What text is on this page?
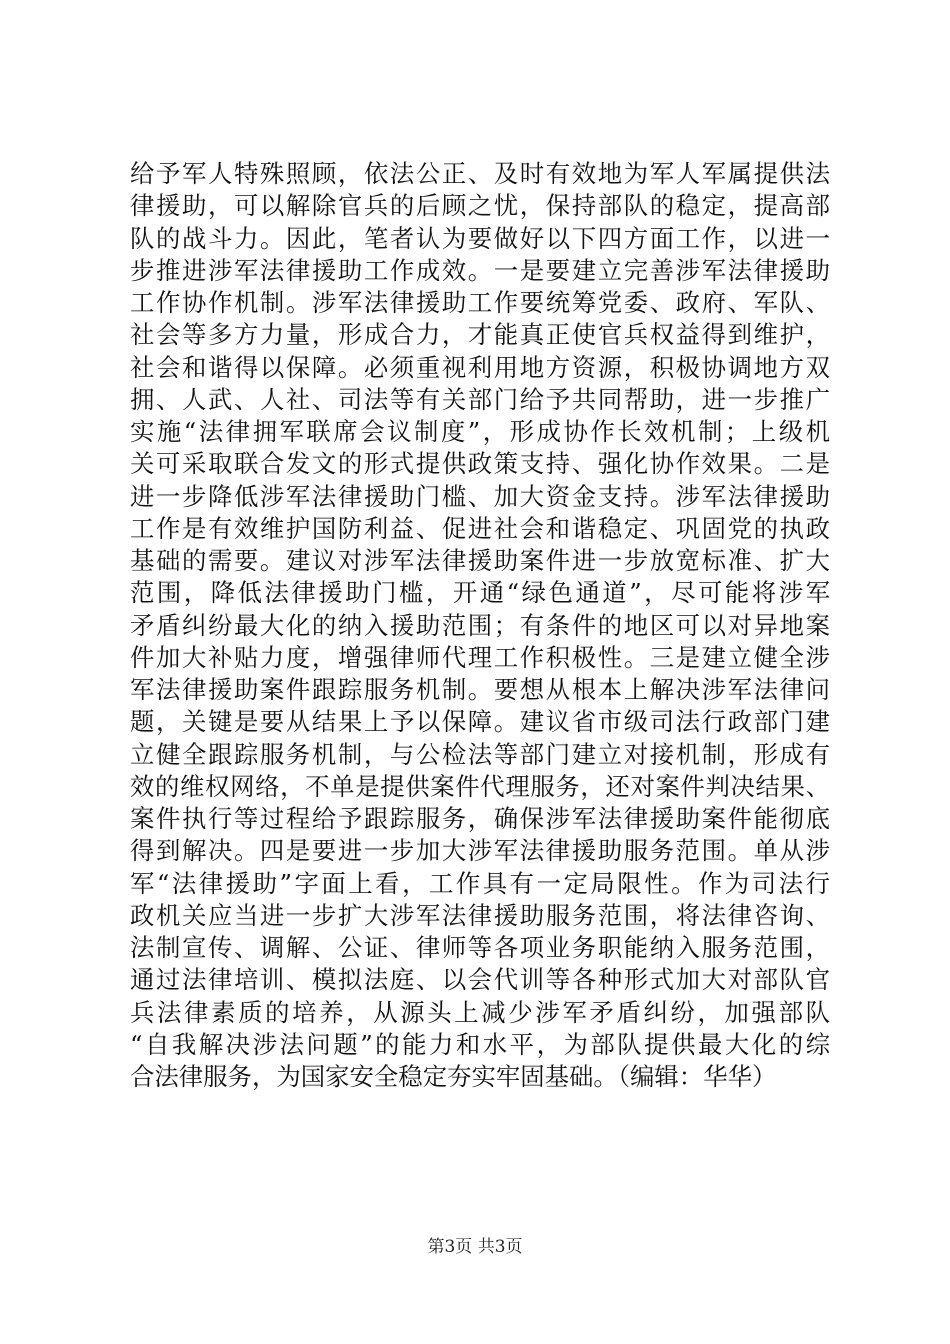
给予军人特殊照顾，依法公正、及时有效地为军人军属提供法
律援助，可以解除官兵的后顾之忧，保持部队的稳定，提高部
队的战斗力。因此，笔者认为要做好以下四方面工作，以进一
步推进涉军法律援助工作成效。一是要建立完善涉军法律援助
工作协作机制。涉军法律援助工作要统筹党委、政府、军队、
社会等多方力量，形成合力，才能真正使官兵权益得到维护，
社会和谐得以保障。必须重视利用地方资源，积极协调地方双
拥、人武、人社、司法等有关部门给予共同帮助，进一步推广
实施“法律拥军联席会议制度”，形成协作长效机制；上级机
关可采取联合发文的形式提供政策支持、强化协作效果。二是
进一步降低涉军法律援助门槛、加大资金支持。涉军法律援助
工作是有效维护国防利益、促进社会和谐稳定、巩固党的执政
基础的需要。建议对涉军法律援助案件进一步放宽标准、扩大
范围，降低法律援助门槛，开通“绿色通道”，尽可能将涉军
矛盾纠纷最大化的纳入援助范围；有条件的地区可以对异地案
件加大补贴力度，增强律师代理工作积极性。三是建立健全涉
军法律援助案件跟踪服务机制。要想从根本上解决涉军法律问
题，关键是要从结果上予以保障。建议省市级司法行政部门建
立健全跟踪服务机制，与公检法等部门建立对接机制，形成有
效的维权网络，不单是提供案件代理服务，还对案件判决结果、
案件执行等过程给予跟踪服务，确保涉军法律援助案件能彻底
得到解决。四是要进一步加大涉军法律援助服务范围。单从涉
军“法律援助”字面上看，工作具有一定局限性。作为司法行
政机关应当进一步扩大涉军法律援助服务范围，将法律咨询、
法制宣传、调解、公证、律师等各项业务职能纳入服务范围，
通过法律培训、模拟法庭、以会代训等各种形式加大对部队官
兵法律素质的培养，从源头上减少涉军矛盾纠纷，加强部队
“自我解决涉法问题”的能力和水平，为部队提供最大化的综
合法律服务，为国家安全稳定夯实牢固基础。（编辑：华华）
第3页 共3页
